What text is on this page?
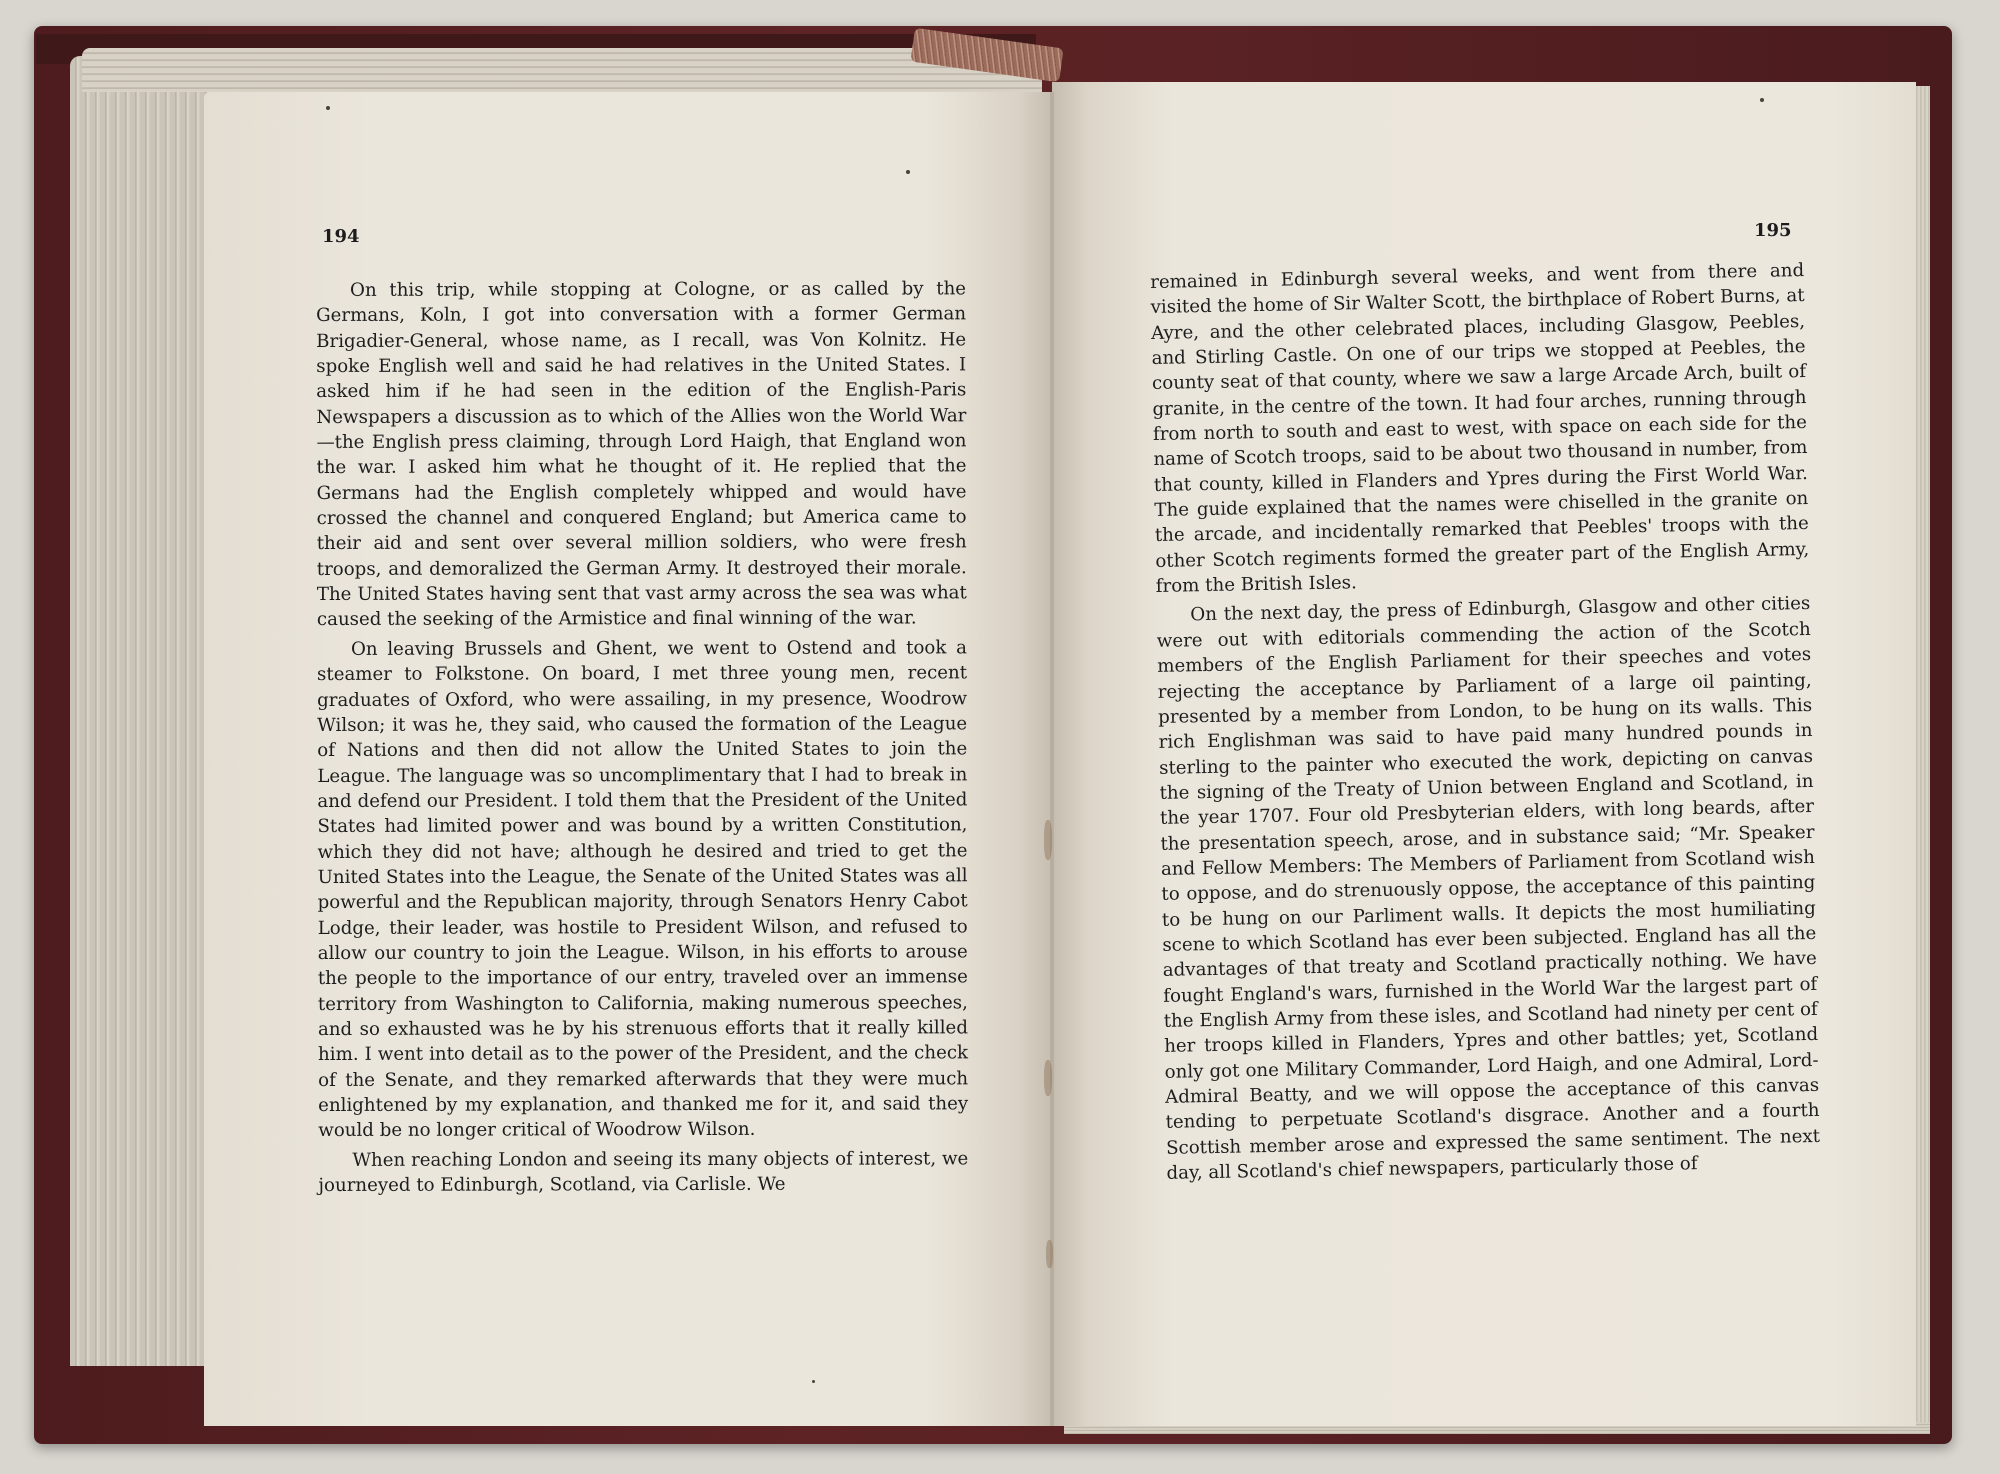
194

On this trip, while stopping at Cologne, or as called by the Germans, Koln, I got into conversation with a former German Brigadier-General, whose name, as I recall, was Von Kolnitz. He spoke English well and said he had relatives in the United States. I asked him if he had seen in the edition of the English-Paris Newspapers a discussion as to which of the Allies won the World War—the English press claiming, through Lord Haigh, that England won the war. I asked him what he thought of it. He replied that the Germans had the English completely whipped and would have crossed the channel and conquered England; but America came to their aid and sent over several million soldiers, who were fresh troops, and demoralized the German Army. It destroyed their morale. The United States having sent that vast army across the sea was what caused the seeking of the Armistice and final winning of the war.

On leaving Brussels and Ghent, we went to Ostend and took a steamer to Folkstone. On board, I met three young men, recent graduates of Oxford, who were assailing, in my presence, Woodrow Wilson; it was he, they said, who caused the formation of the League of Nations and then did not allow the United States to join the League. The language was so uncomplimentary that I had to break in and defend our President. I told them that the President of the United States had limited power and was bound by a written Constitution, which they did not have; although he desired and tried to get the United States into the League, the Senate of the United States was all powerful and the Republican majority, through Senators Henry Cabot Lodge, their leader, was hostile to President Wilson, and refused to allow our country to join the League. Wilson, in his efforts to arouse the people to the importance of our entry, traveled over an immense territory from Washington to California, making numerous speeches, and so exhausted was he by his strenuous efforts that it really killed him. I went into detail as to the power of the President, and the check of the Senate, and they remarked afterwards that they were much enlightened by my explanation, and thanked me for it, and said they would be no longer critical of Woodrow Wilson.

When reaching London and seeing its many objects of interest, we journeyed to Edinburgh, Scotland, via Carlisle. We

195

remained in Edinburgh several weeks, and went from there and visited the home of Sir Walter Scott, the birthplace of Robert Burns, at Ayre, and the other celebrated places, including Glasgow, Peebles, and Stirling Castle. On one of our trips we stopped at Peebles, the county seat of that county, where we saw a large Arcade Arch, built of granite, in the centre of the town. It had four arches, running through from north to south and east to west, with space on each side for the name of Scotch troops, said to be about two thousand in number, from that county, killed in Flanders and Ypres during the First World War. The guide explained that the names were chiselled in the granite on the arcade, and incidentally remarked that Peebles' troops with the other Scotch regiments formed the greater part of the English Army, from the British Isles.

On the next day, the press of Edinburgh, Glasgow and other cities were out with editorials commending the action of the Scotch members of the English Parliament for their speeches and votes rejecting the acceptance by Parliament of a large oil painting, presented by a member from London, to be hung on its walls. This rich Englishman was said to have paid many hundred pounds in sterling to the painter who executed the work, depicting on canvas the signing of the Treaty of Union between England and Scotland, in the year 1707. Four old Presbyterian elders, with long beards, after the presentation speech, arose, and in substance said; “Mr. Speaker and Fellow Members: The Members of Parliament from Scotland wish to oppose, and do strenuously oppose, the acceptance of this painting to be hung on our Parliment walls. It depicts the most humiliating scene to which Scotland has ever been subjected. England has all the advantages of that treaty and Scotland practically nothing. We have fought England's wars, furnished in the World War the largest part of the English Army from these isles, and Scotland had ninety per cent of her troops killed in Flanders, Ypres and other battles; yet, Scotland only got one Military Commander, Lord Haigh, and one Admiral, Lord-Admiral Beatty, and we will oppose the acceptance of this canvas tending to perpetuate Scotland's disgrace. Another and a fourth Scottish member arose and expressed the same sentiment. The next day, all Scotland's chief newspapers, particularly those of
